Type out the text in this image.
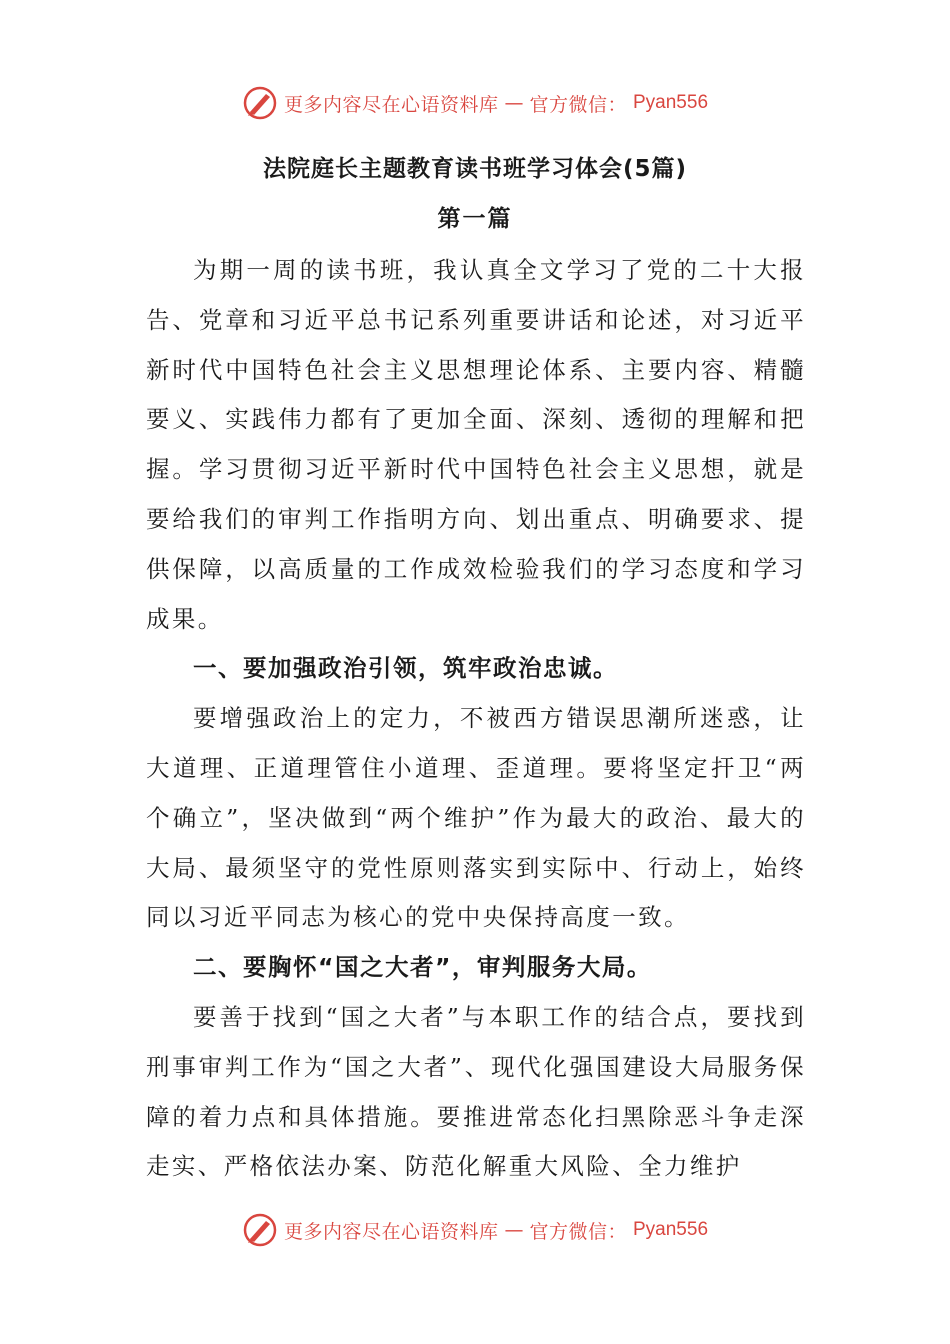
更多内容尽在心语资料库 — 官方微信： Pyan556
法院庭长主题教育读书班学习体会(5篇)
第一篇

为期一周的读书班，我认真全文学习了党的二十大报告、党章和习近平总书记系列重要讲话和论述，对习近平新时代中国特色社会主义思想理论体系、主要内容、精髓要义、实践伟力都有了更加全面、深刻、透彻的理解和把握。学习贯彻习近平新时代中国特色社会主义思想，就是要给我们的审判工作指明方向、划出重点、明确要求、提供保障，以高质量的工作成效检验我们的学习态度和学习成果。

一、要加强政治引领，筑牢政治忠诚。

要增强政治上的定力，不被西方错误思潮所迷惑，让大道理、正道理管住小道理、歪道理。要将坚定扞卫“两个确立”，坚决做到“两个维护”作为最大的政治、最大的大局、最须坚守的党性原则落实到实际中、行动上，始终同以习近平同志为核心的党中央保持高度一致。

二、要胸怀“国之大者”，审判服务大局。

要善于找到“国之大者”与本职工作的结合点，要找到刑事审判工作为“国之大者”、现代化强国建设大局服务保障的着力点和具体措施。要推进常态化扫黑除恶斗争走深走实、严格依法办案、防范化解重大风险、全力维护

更多内容尽在心语资料库 — 官方微信： Pyan556
